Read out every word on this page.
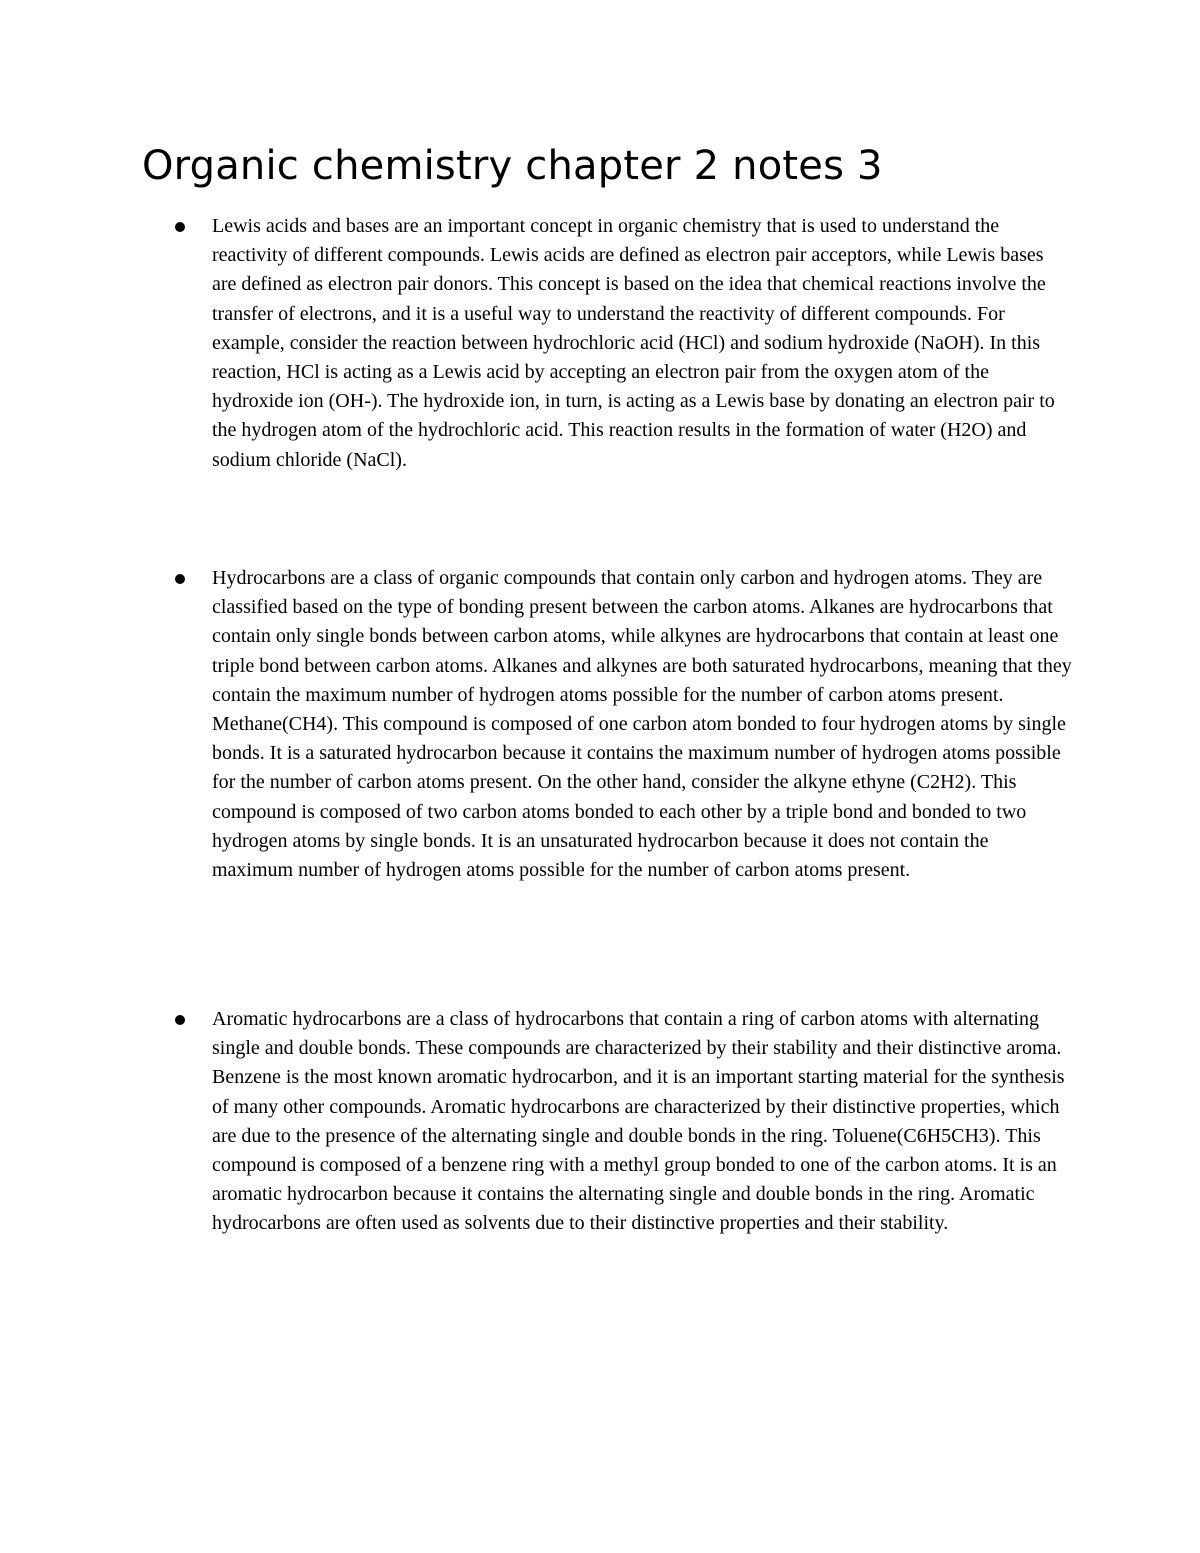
Organic chemistry chapter 2 notes 3

Lewis acids and bases are an important concept in organic chemistry that is used to understand the reactivity of different compounds. Lewis acids are defined as electron pair acceptors, while Lewis bases are defined as electron pair donors. This concept is based on the idea that chemical reactions involve the transfer of electrons, and it is a useful way to understand the reactivity of different compounds. For example, consider the reaction between hydrochloric acid (HCl) and sodium hydroxide (NaOH). In this reaction, HCl is acting as a Lewis acid by accepting an electron pair from the oxygen atom of the hydroxide ion (OH-). The hydroxide ion, in turn, is acting as a Lewis base by donating an electron pair to the hydrogen atom of the hydrochloric acid. This reaction results in the formation of water (H2O) and sodium chloride (NaCl).

Hydrocarbons are a class of organic compounds that contain only carbon and hydrogen atoms. They are classified based on the type of bonding present between the carbon atoms. Alkanes are hydrocarbons that contain only single bonds between carbon atoms, while alkynes are hydrocarbons that contain at least one triple bond between carbon atoms. Alkanes and alkynes are both saturated hydrocarbons, meaning that they contain the maximum number of hydrogen atoms possible for the number of carbon atoms present. Methane(CH4). This compound is composed of one carbon atom bonded to four hydrogen atoms by single bonds. It is a saturated hydrocarbon because it contains the maximum number of hydrogen atoms possible for the number of carbon atoms present. On the other hand, consider the alkyne ethyne (C2H2). This compound is composed of two carbon atoms bonded to each other by a triple bond and bonded to two hydrogen atoms by single bonds. It is an unsaturated hydrocarbon because it does not contain the maximum number of hydrogen atoms possible for the number of carbon atoms present.

Aromatic hydrocarbons are a class of hydrocarbons that contain a ring of carbon atoms with alternating single and double bonds. These compounds are characterized by their stability and their distinctive aroma. Benzene is the most known aromatic hydrocarbon, and it is an important starting material for the synthesis of many other compounds. Aromatic hydrocarbons are characterized by their distinctive properties, which are due to the presence of the alternating single and double bonds in the ring. Toluene(C6H5CH3). This compound is composed of a benzene ring with a methyl group bonded to one of the carbon atoms. It is an aromatic hydrocarbon because it contains the alternating single and double bonds in the ring. Aromatic hydrocarbons are often used as solvents due to their distinctive properties and their stability.
